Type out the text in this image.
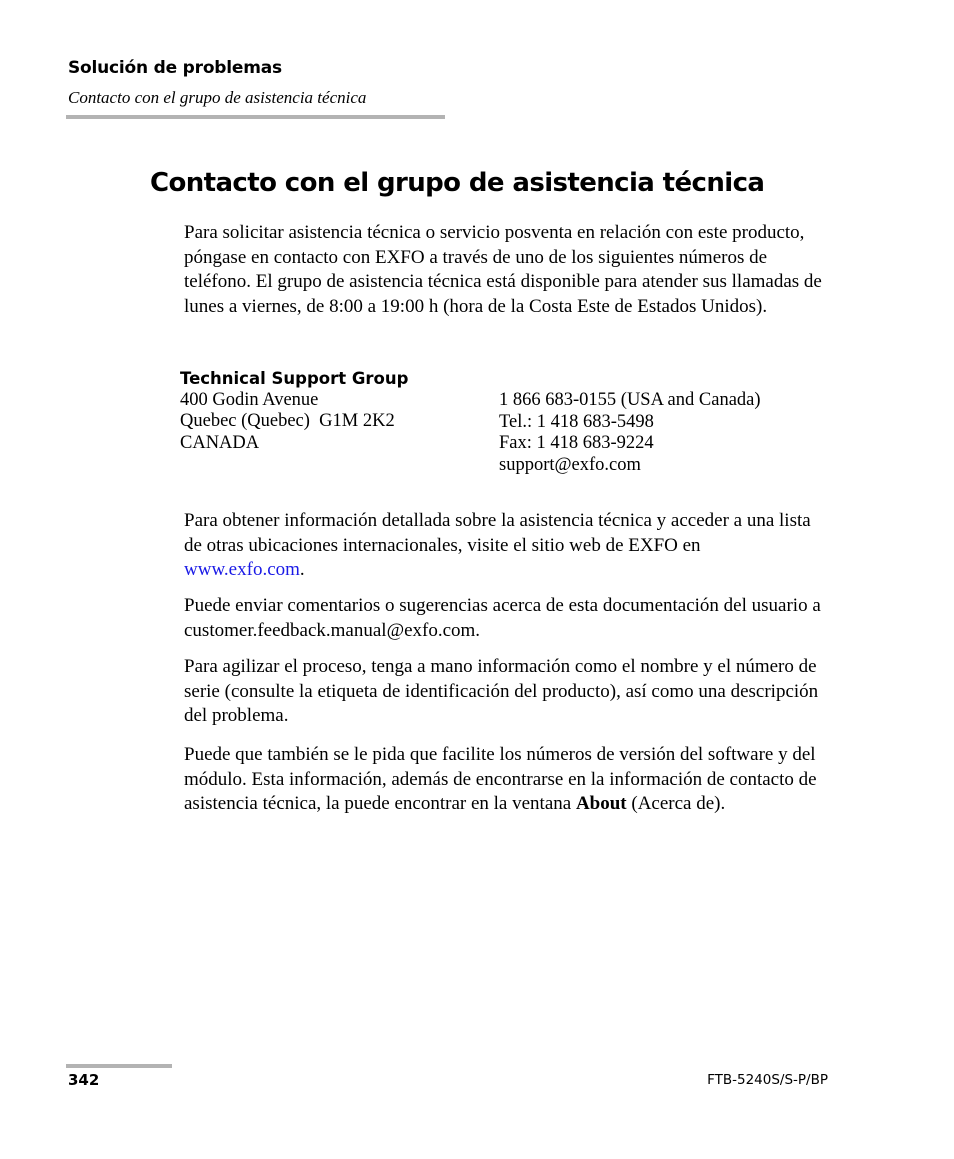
Solución de problemas
Contacto con el grupo de asistencia técnica
Contacto con el grupo de asistencia técnica

Para solicitar asistencia técnica o servicio posventa en relación con este producto, póngase en contacto con EXFO a través de uno de los siguientes números de teléfono. El grupo de asistencia técnica está disponible para atender sus llamadas de lunes a viernes, de 8:00 a 19:00 h (hora de la Costa Este de Estados Unidos).

Technical Support Group
400 Godin Avenue
Quebec (Quebec)  G1M 2K2
CANADA
1 866 683-0155 (USA and Canada)
Tel.: 1 418 683-5498
Fax: 1 418 683-9224
support@exfo.com

Para obtener información detallada sobre la asistencia técnica y acceder a una lista de otras ubicaciones internacionales, visite el sitio web de EXFO en www.exfo.com.

Puede enviar comentarios o sugerencias acerca de esta documentación del usuario a customer.feedback.manual@exfo.com.

Para agilizar el proceso, tenga a mano información como el nombre y el número de serie (consulte la etiqueta de identificación del producto), así como una descripción del problema.

Puede que también se le pida que facilite los números de versión del software y del módulo. Esta información, además de encontrarse en la información de contacto de asistencia técnica, la puede encontrar en la ventana About (Acerca de).

342	FTB-5240S/S-P/BP
